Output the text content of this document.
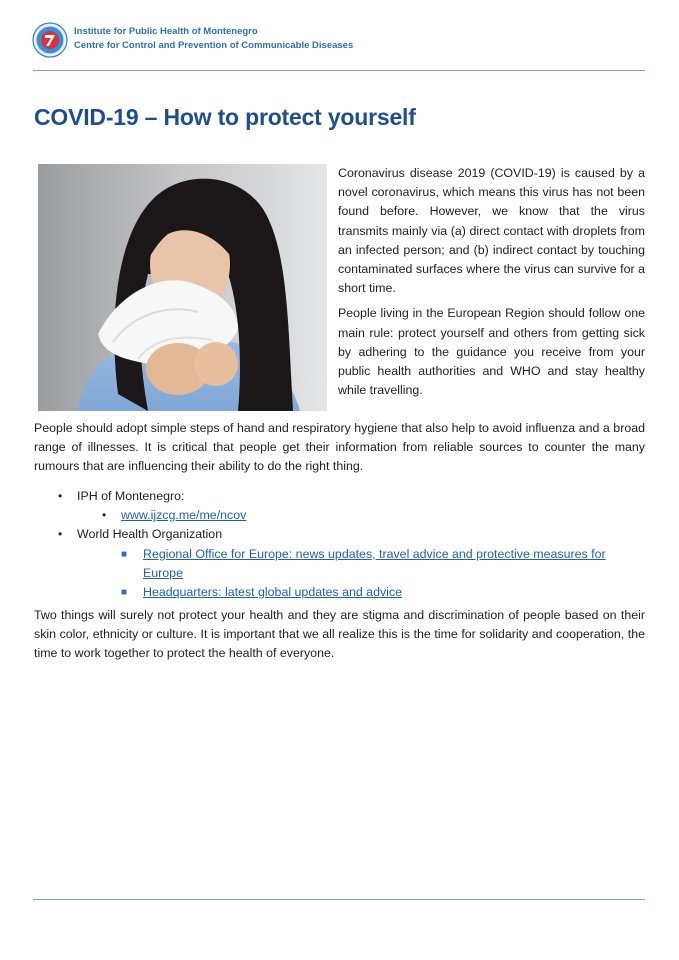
Institute for Public Health of Montenegro
Centre for Control and Prevention of Communicable Diseases
COVID-19 – How to protect yourself

Coronavirus disease 2019 (COVID-19) is caused by a novel coronavirus, which means this virus has not been found before. However, we know that the virus transmits mainly via (a) direct contact with droplets from an infected person; and (b) indirect contact by touching contaminated surfaces where the virus can survive for a short time.

People living in the European Region should follow one main rule: protect yourself and others from getting sick by adhering to the guidance you receive from your public health authorities and WHO and stay healthy while travelling.

People should adopt simple steps of hand and respiratory hygiene that also help to avoid influenza and a broad range of illnesses. It is critical that people get their information from reliable sources to counter the many rumours that are influencing their ability to do the right thing.

• IPH of Montenegro:
• www.ijzcg.me/me/ncov
• World Health Organization
■ Regional Office for Europe: news updates, travel advice and protective measures for Europe
■ Headquarters: latest global updates and advice

Two things will surely not protect your health and they are stigma and discrimination of people based on their skin color, ethnicity or culture. It is important that we all realize this is the time for solidarity and cooperation, the time to work together to protect the health of everyone.
